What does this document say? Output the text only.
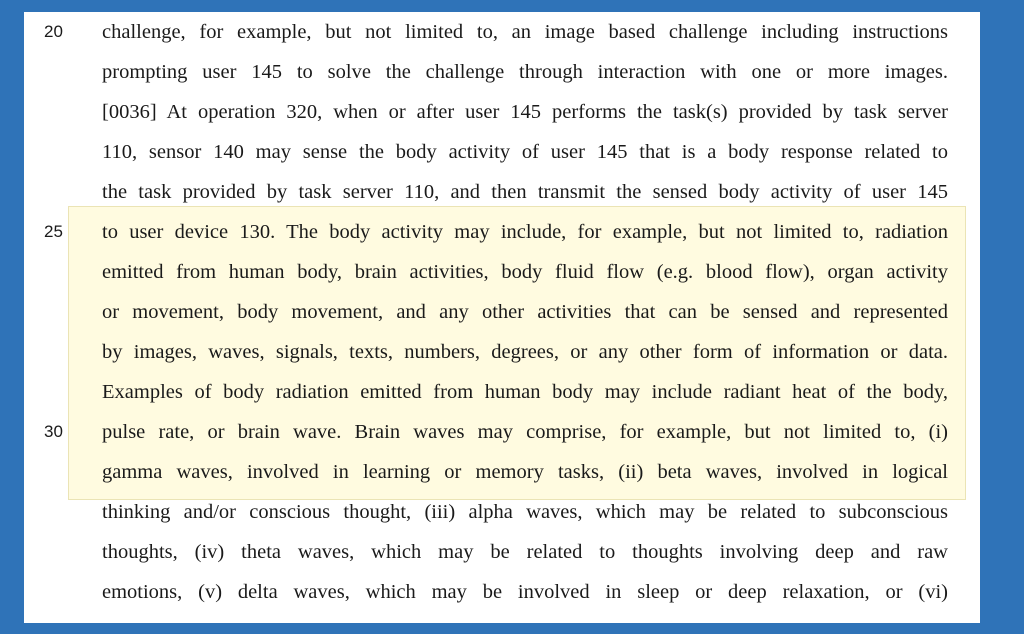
20
25
30
challenge, for example, but not limited to, an image based challenge including instructions
prompting user 145 to solve the challenge through interaction with one or more images.
[0036] At operation 320, when or after user 145 performs the task(s) provided by task server
110, sensor 140 may sense the body activity of user 145 that is a body response related to
the task provided by task server 110, and then transmit the sensed body activity of user 145
to user device 130. The body activity may include, for example, but not limited to, radiation
emitted from human body, brain activities, body fluid flow (e.g. blood flow), organ activity
or movement, body movement, and any other activities that can be sensed and represented
by images, waves, signals, texts, numbers, degrees, or any other form of information or data.
Examples of body radiation emitted from human body may include radiant heat of the body,
pulse rate, or brain wave. Brain waves may comprise, for example, but not limited to, (i)
gamma waves, involved in learning or memory tasks, (ii) beta waves, involved in logical
thinking and/or conscious thought, (iii) alpha waves, which may be related to subconscious
thoughts, (iv) theta waves, which may be related to thoughts involving deep and raw
emotions, (v) delta waves, which may be involved in sleep or deep relaxation, or (vi)
